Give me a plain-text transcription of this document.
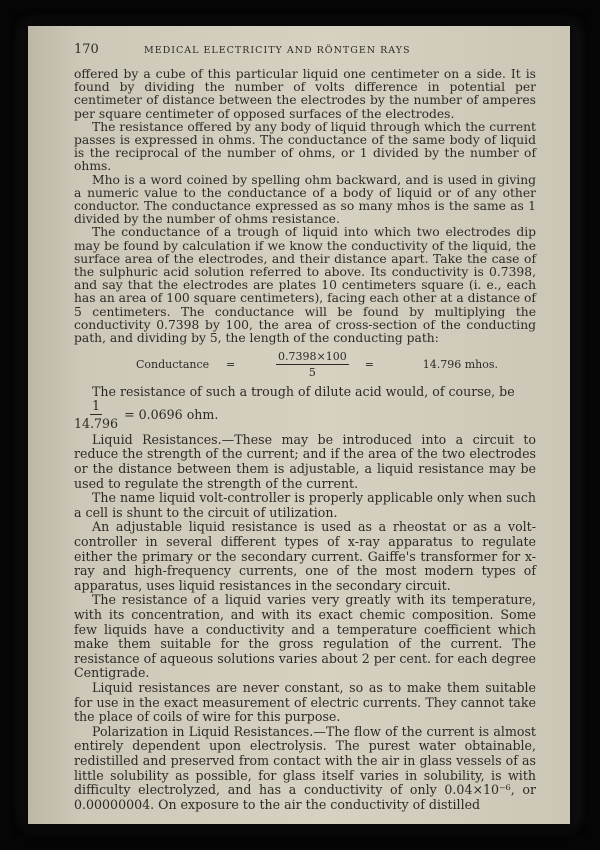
170	MEDICAL ELECTRICITY AND RÖNTGEN RAYS

offered by a cube of this particular liquid one centimeter on a side. It is found by dividing the number of volts difference in potential per centimeter of distance between the electrodes by the number of amperes per square centimeter of opposed surfaces of the electrodes.

The resistance offered by any body of liquid through which the current passes is expressed in ohms. The conductance of the same body of liquid is the reciprocal of the number of ohms, or 1 divided by the number of ohms.

Mho is a word coined by spelling ohm backward, and is used in giving a numeric value to the conductance of a body of liquid or of any other conductor. The conductance expressed as so many mhos is the same as 1 divided by the number of ohms resistance.

The conductance of a trough of liquid into which two electrodes dip may be found by calculation if we know the conductivity of the liquid, the surface area of the electrodes, and their distance apart. Take the case of the sulphuric acid solution referred to above. Its conductivity is 0.7398, and say that the electrodes are plates 10 centimeters square (i. e., each has an area of 100 square centimeters), facing each other at a distance of 5 centimeters. The conductance will be found by multiplying the conductivity 0.7398 by 100, the area of cross-section of the conducting path, and dividing by 5, the length of the conducting path:

Conductance	=	$\frac{0.7398\times 100}{5}$ =	14.796 mhos.

The resistance of such a trough of dilute acid would, of course, be

$\frac{1}{14.796} = 0.0696$ ohm.

Liquid Resistances.—These may be introduced into a circuit to reduce the strength of the current; and if the area of the two electrodes or the distance between them is adjustable, a liquid resistance may be used to regulate the strength of the current.

The name liquid volt-controller is properly applicable only when such a cell is shunt to the circuit of utilization.

An adjustable liquid resistance is used as a rheostat or as a volt-controller in several different types of x-ray apparatus to regulate either the primary or the secondary current. Gaiffe's transformer for x-ray and high-frequency currents, one of the most modern types of apparatus, uses liquid resistances in the secondary circuit.

The resistance of a liquid varies very greatly with its temperature, with its concentration, and with its exact chemic composition. Some few liquids have a conductivity and a temperature coefficient which make them suitable for the gross regulation of the current. The resistance of aqueous solutions varies about 2 per cent. for each degree Centigrade.

Liquid resistances are never constant, so as to make them suitable for use in the exact measurement of electric currents. They cannot take the place of coils of wire for this purpose.

Polarization in Liquid Resistances.—The flow of the current is almost entirely dependent upon electrolysis. The purest water obtainable, redistilled and preserved from contact with the air in glass vessels of as little solubility as possible, for glass itself varies in solubility, is with difficulty electrolyzed, and has a conductivity of only 0.04×10⁻⁶, or 0.00000004. On exposure to the air the conductivity of distilled
